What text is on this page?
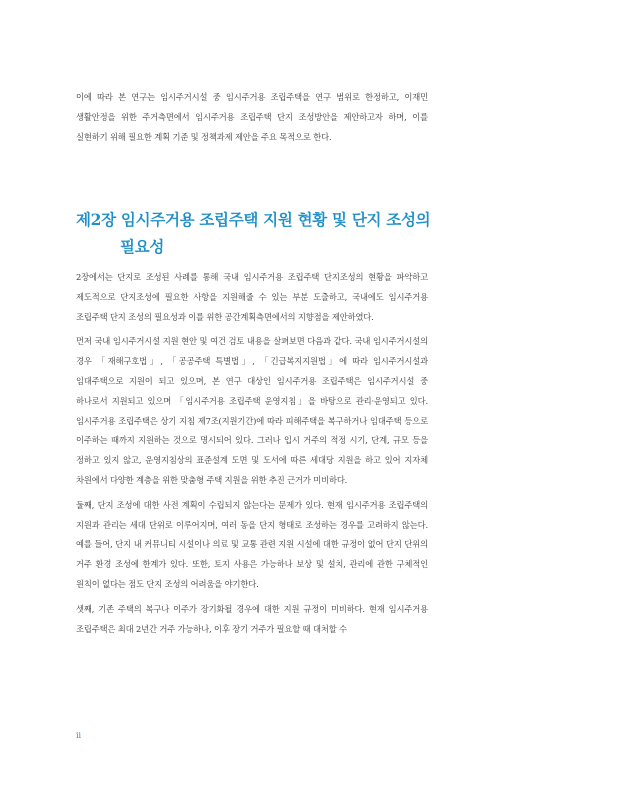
이에 따라 본 연구는 임시주거시설 중 임시주거용 조립주택을 연구 범위로 한정하고, 이재민 생활안정을 위한 주거측면에서 임시주거용 조립주택 단지 조성방안을 제안하고자 하며, 이를 실현하기 위해 필요한 계획 기준 및 정책과제 제안을 주요 목적으로 한다.

제2장 임시주거용 조립주택 지원 현황 및 단지 조성의
필요성

2장에서는 단지로 조성된 사례를 통해 국내 임시주거용 조립주택 단지조성의 현황을 파악하고 제도적으로 단지조성에 필요한 사항을 지원해줄 수 있는 부분 도출하고, 국내에도 임시주거용 조립주택 단지 조성의 필요성과 이를 위한 공간계획측면에서의 지향점을 제안하였다.

먼저 국내 임시주거시설 지원 현안 및 여건 검토 내용을 살펴보면 다음과 같다. 국내 임시주거시설의 경우 「재해구호법」, 「공공주택 특별법」, 「긴급복지지원법」에 따라 임시주거시설과 임대주택으로 지원이 되고 있으며, 본 연구 대상인 임시주거용 조립주택은 임시주거시설 중 하나로서 지원되고 있으며 「임시주거용 조립주택 운영지침」을 바탕으로 관리·운영되고 있다. 임시주거용 조립주택은 상기 지침 제7조(지원기간)에 따라 피해주택을 복구하거나 임대주택 등으로 이주하는 때까지 지원하는 것으로 명시되어 있다. 그러나 입시 거주의 적정 시기, 단계, 규모 등을 정하고 있지 않고, 운영지침상의 표준설계 도면 및 도서에 따른 세대당 지원을 하고 있어 지자체 차원에서 다양한 계층을 위한 맞춤형 주택 지원을 위한 추진 근거가 미비하다.

둘째, 단지 조성에 대한 사전 계획이 수립되지 않는다는 문제가 있다. 현재 임시주거용 조립주택의 지원과 관리는 세대 단위로 이루어지며, 여러 동을 단지 형태로 조성하는 경우를 고려하지 않는다. 예를 들어, 단지 내 커뮤니티 시설이나 의료 및 교통 관련 지원 시설에 대한 규정이 없어 단지 단위의 거주 환경 조성에 한계가 있다. 또한, 토지 사용은 가능하나 보상 및 설치, 관리에 관한 구체적인 원칙이 없다는 점도 단지 조성의 어려움을 야기한다.

셋째, 기존 주택의 복구나 이주가 장기화될 경우에 대한 지원 규정이 미비하다. 현재 임시주거용 조립주택은 최대 2년간 거주 가능하나, 이후 장기 거주가 필요할 때 대처할 수

ii
